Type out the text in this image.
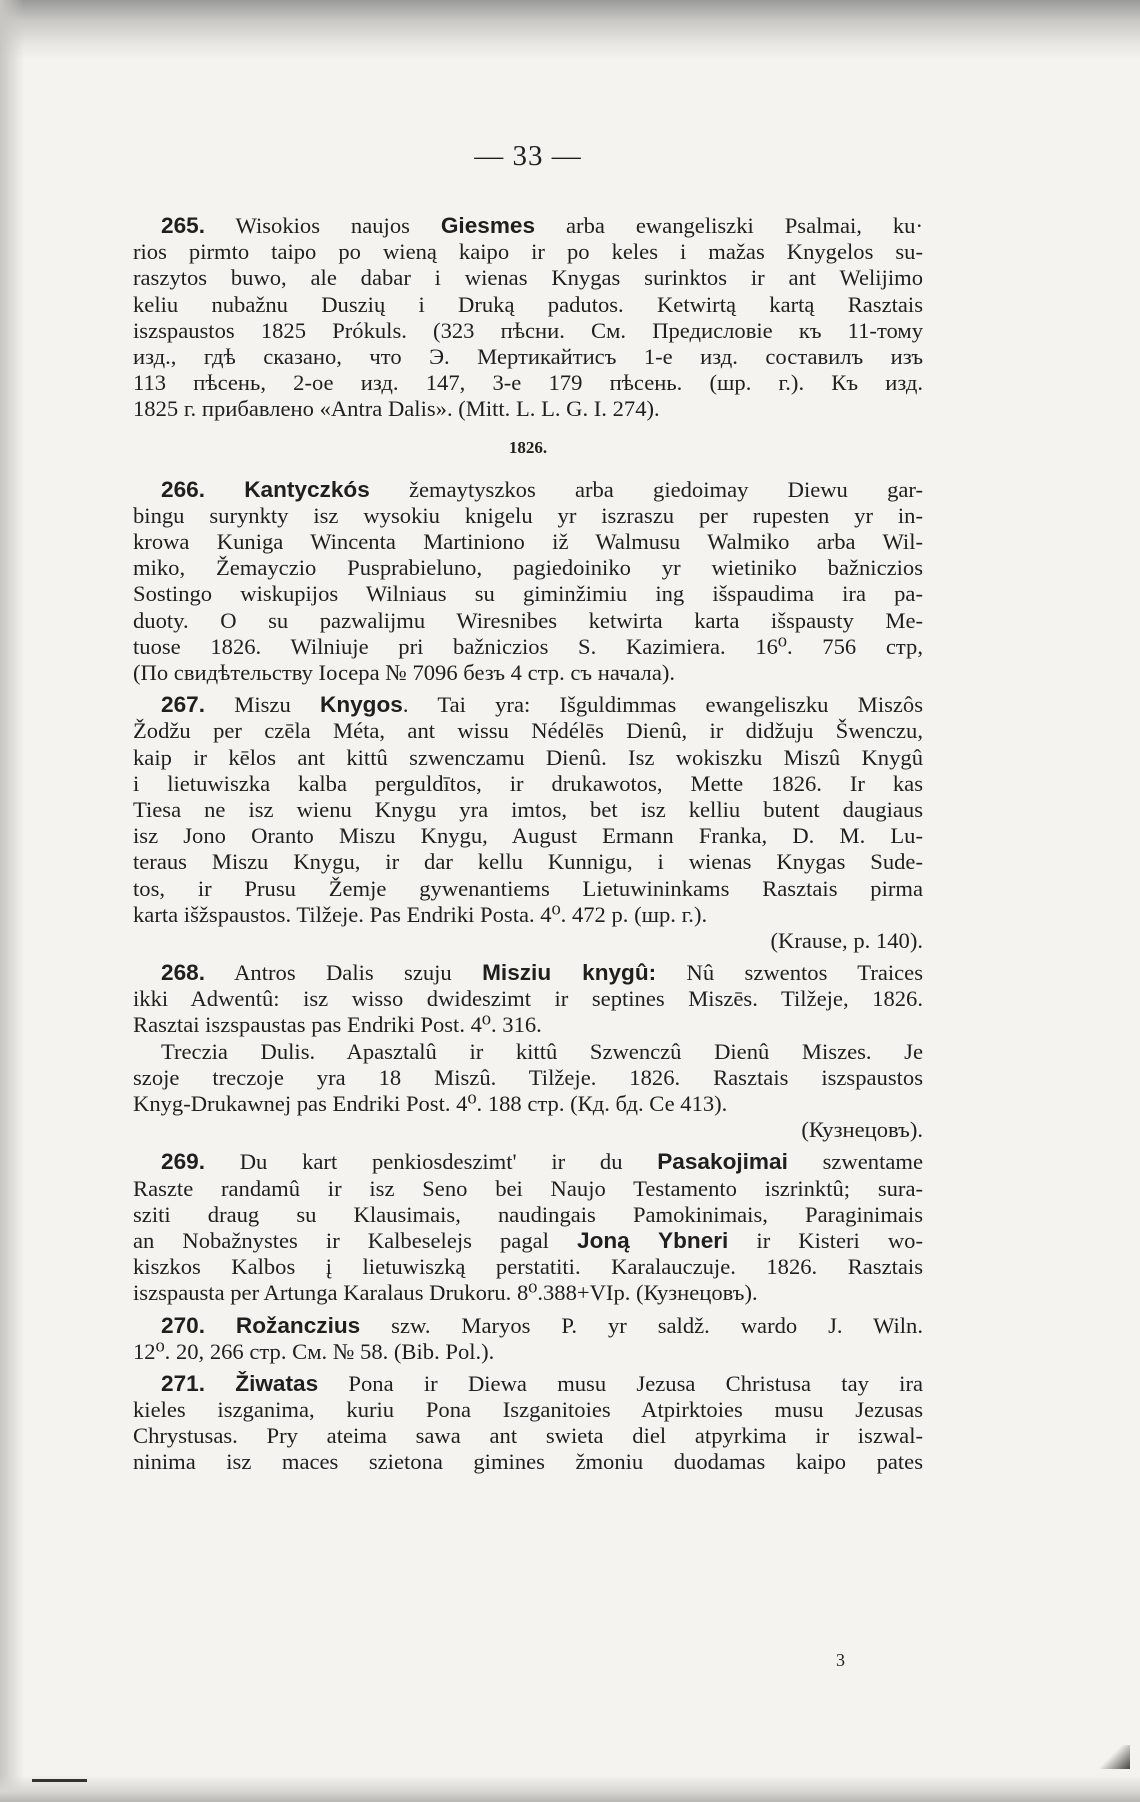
— 33 —
265. Wisokios naujos Giesmes arba ewangeliszki Psalmai, ku·
rios pirmto taipo po wieną kaipo ir po keles i mažas Knygelos su-
raszytos buwo, ale dabar i wienas Knygas surinktos ir ant Welijimo
keliu nubažnu Duszių i Druką padutos. Ketwirtą kartą Rasztais
iszspaustos 1825 Prókuls. (323 пѣсни. См. Предисловіе къ 11-тому
изд., гдѣ сказано, что Э. Мертикайтисъ 1-е изд. составилъ изъ
113 пѣсень, 2-ое изд. 147, 3-е 179 пѣсень. (шр. г.). Къ изд.
1825 г. прибавлено «Antra Dalis». (Mitt. L. L. G. I. 274).
1826.
266. Kantyczkós žemaytyszkos arba giedoimay Diewu gar-
bingu surynkty isz wysokiu knigelu yr iszraszu per rupesten yr in-
krowa Kuniga Wincenta Martiniono iž Walmusu Walmiko arba Wil-
miko, Žemayczio Pusprabieluno, pagiedoiniko yr wietiniko bažniczios
Sostingo wiskupijos Wilniaus su giminžimiu ing išspaudima ira pa-
duoty. O su pazwalijmu Wiresnibes ketwirta karta išspausty Me-
tuose 1826. Wilniuje pri bažniczios S. Kazimiera. 16⁰. 756 стр,
(По свидѣтельству Іосера № 7096 безъ 4 стр. съ начала).
267. Miszu Knygos. Tai yra: Išguldimmas ewangeliszku Miszôs
Žodžu per czēla Méta, ant wissu Nédélēs Dienû, ir didžuju Šwenczu,
kaip ir kēlos ant kittû szwenczamu Dienû. Isz wokiszku Miszû Knygû
i lietuwiszka kalba perguldītos, ir drukawotos, Mette 1826. Ir kas
Tiesa ne isz wienu Knygu yra imtos, bet isz kelliu butent daugiaus
isz Jono Oranto Miszu Knygu, August Ermann Franka, D. M. Lu-
teraus Miszu Knygu, ir dar kellu Kunnigu, i wienas Knygas Sude-
tos, ir Prusu Žemje gywenantiems Lietuwininkams Rasztais pirma
karta išžspaustos. Tilžeje. Pas Endriki Posta. 4⁰. 472 p. (шр. г.).
(Krause, p. 140).
268. Antros Dalis szuju Misziu knygû: Nû szwentos Traices
ikki Adwentû: isz wisso dwideszimt ir septines Miszēs. Tilžeje, 1826.
Rasztai iszspaustas pas Endriki Post. 4⁰. 316.
Treczia Dulis. Apasztalû ir kittû Szwenczû Dienû Miszes. Je
szoje treczoje yra 18 Miszû. Tilžeje. 1826. Rasztais iszspaustos
Knyg-Drukawnej pas Endriki Post. 4⁰. 188 стр. (Кд. бд. Се 413).
(Кузнецовъ).
269. Du kart penkiosdeszimt' ir du Pasakojimai szwentame
Raszte randamû ir isz Seno bei Naujo Testamento iszrinktû; sura-
sziti draug su Klausimais, naudingais Pamokinimais, Paraginimais
an Nobažnystes ir Kalbeselejs pagal Joną Ybneri ir Kisteri wo-
kiszkos Kalbos į lietuwiszką perstatiti. Karalauczuje. 1826. Rasztais
iszspausta per Artunga Karalaus Drukoru. 8⁰.388+VIp. (Кузнецовъ).
270. Rožanczius szw. Maryos P. yr saldž. wardo J. Wiln.
12⁰. 20, 266 стр. См. № 58. (Bib. Pol.).
271. Žiwatas Pona ir Diewa musu Jezusa Christusa tay ira
kieles iszganima, kuriu Pona Iszganitoies Atpirktoies musu Jezusas
Chrystusas. Pry ateima sawa ant swieta diel atpyrkima ir iszwal-
ninima isz maces szietona gimines žmoniu duodamas kaipo pates
3
